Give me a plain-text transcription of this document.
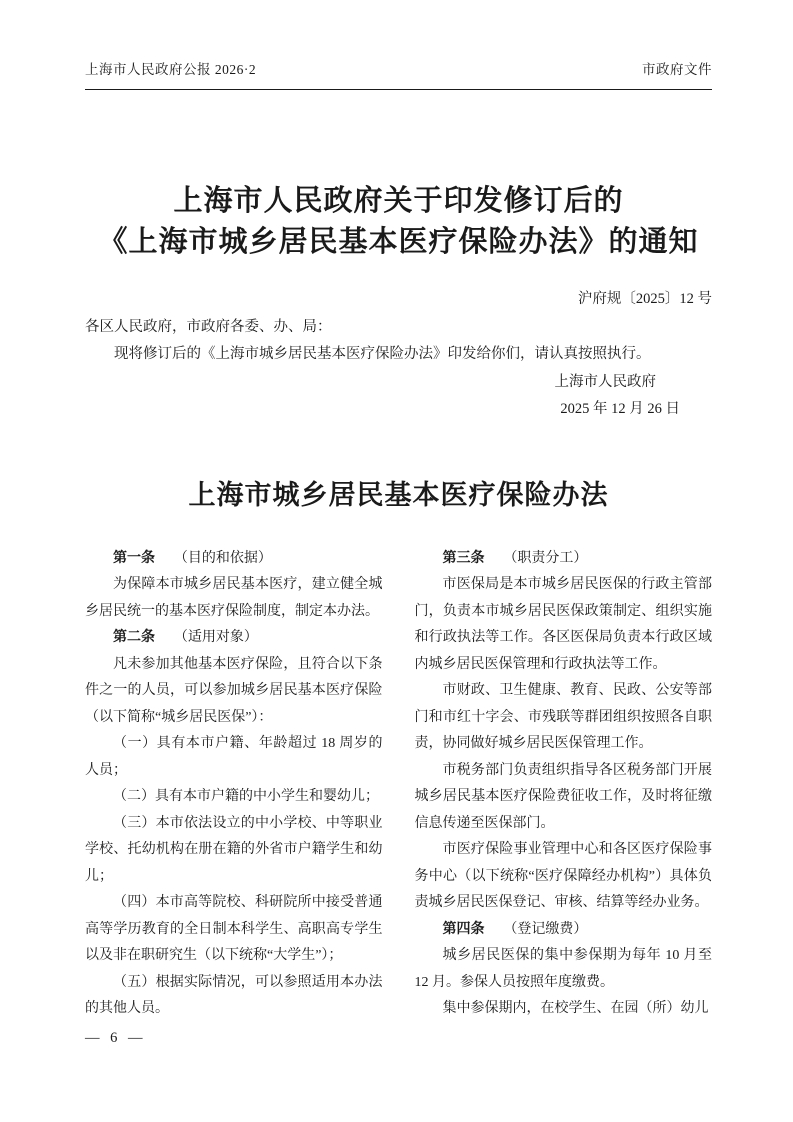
上海市人民政府公报 2026·2	市政府文件
上海市人民政府关于印发修订后的
《上海市城乡居民基本医疗保险办法》的通知
沪府规〔2025〕12 号
各区人民政府，市政府各委、办、局：
现将修订后的《上海市城乡居民基本医疗保险办法》印发给你们，请认真按照执行。
上海市人民政府
2025 年 12 月 26 日
上海市城乡居民基本医疗保险办法

第一条 （目的和依据）

为保障本市城乡居民基本医疗，建立健全城乡居民统一的基本医疗保险制度，制定本办法。

第二条 （适用对象）

凡未参加其他基本医疗保险，且符合以下条件之一的人员，可以参加城乡居民基本医疗保险（以下简称“城乡居民医保”）：

（一）具有本市户籍、年龄超过 18 周岁的人员；

（二）具有本市户籍的中小学生和婴幼儿；

（三）本市依法设立的中小学校、中等职业学校、托幼机构在册在籍的外省市户籍学生和幼儿；

（四）本市高等院校、科研院所中接受普通高等学历教育的全日制本科学生、高职高专学生以及非在职研究生（以下统称“大学生”）；

（五）根据实际情况，可以参照适用本办法的其他人员。

第三条 （职责分工）

市医保局是本市城乡居民医保的行政主管部门，负责本市城乡居民医保政策制定、组织实施和行政执法等工作。各区医保局负责本行政区域内城乡居民医保管理和行政执法等工作。

市财政、卫生健康、教育、民政、公安等部门和市红十字会、市残联等群团组织按照各自职责，协同做好城乡居民医保管理工作。

市税务部门负责组织指导各区税务部门开展城乡居民基本医疗保险费征收工作，及时将征缴信息传递至医保部门。

市医疗保险事业管理中心和各区医疗保险事务中心（以下统称“医疗保障经办机构”）具体负责城乡居民医保登记、审核、结算等经办业务。

第四条 （登记缴费）

城乡居民医保的集中参保期为每年 10 月至 12 月。参保人员按照年度缴费。

集中参保期内，在校学生、在园（所）幼儿

— 6 —
